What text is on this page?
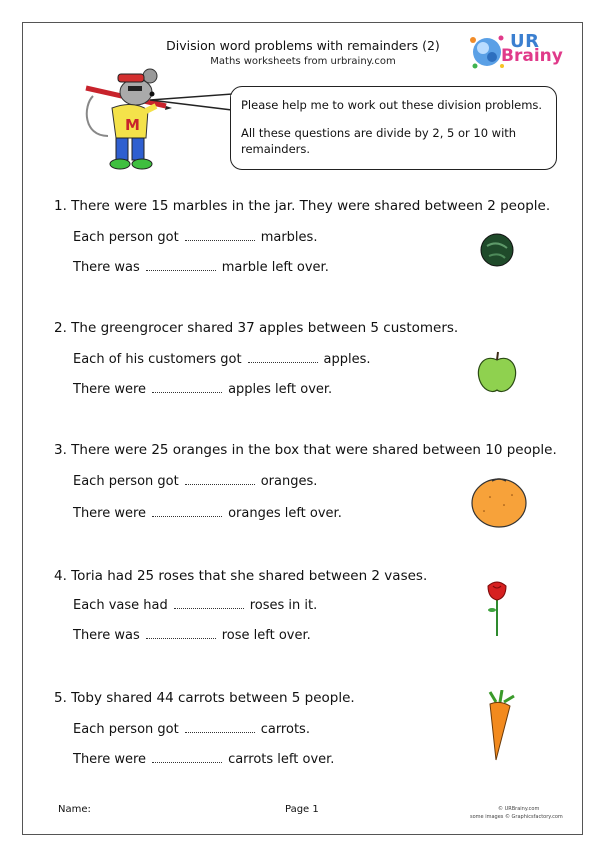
Division word problems with remainders (2)
Maths worksheets from urbrainy.com
UR
Brainy
M

Please help me to work out these division problems.

All these questions are divide by 2, 5 or 10 with remainders.

1. There were 15 marbles in the jar. They were shared between 2 people.
Each person got	marbles.
There was	marble left over.
2. The greengrocer shared 37 apples between 5 customers.
Each of his customers got	apples.
There were	apples left over.
3. There were 25 oranges in the box that were shared between 10 people.
Each person got	oranges.
There were	oranges left over.
4. Toria had 25 roses that she shared between 2 vases.
Each vase had	roses in it.
There was	rose left over.
5. Toby shared 44 carrots between 5 people.
Each person got	carrots.
There were	carrots left over.
Name:	Page 1	© URBrainy.com
some images © Graphicsfactory.com
